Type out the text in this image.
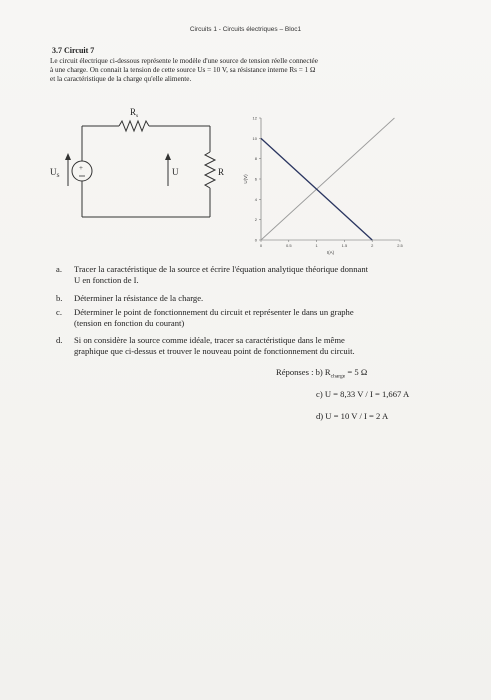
Circuits 1 - Circuits électriques – Bloc1
3.7 Circuit 7
Le circuit électrique ci-dessous représente le modèle d'une source de tension réelle connectée
à une charge. On connait la tension de cette source Us = 10 V, sa résistance interne Rs = 1 Ω
et la caractéristique de la charge qu'elle alimente.
+
$R_s$
$U_S$	U	R
0	0.5	1	1.5	2	2.5
0
2
4
6
8
10
12
I(A)
U(V)
a. Tracer la caractéristique de la source et écrire l'équation analytique théorique donnant
U en fonction de I.
b. Déterminer la résistance de la charge.
c. Déterminer le point de fonctionnement du circuit et représenter le dans un graphe
(tension en fonction du courant)
d. Si on considère la source comme idéale, tracer sa caractéristique dans le même
graphique que ci-dessus et trouver le nouveau point de fonctionnement du circuit.
Réponses : b) $R_{charge} = 5$ Ω
c) U = 8,33 V / I = 1,667 A
d) U = 10 V / I = 2 A
